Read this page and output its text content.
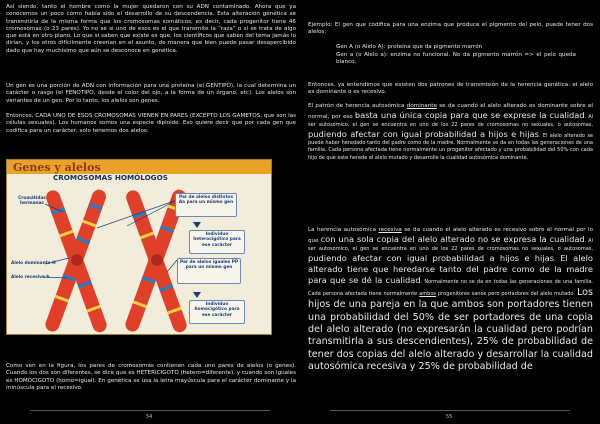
Así siendo, tanto el hombre como la mujer quedaron con su ADN contaminado. Ahora que ya conocemos un poco cómo había sido el desarrollo de su descendencia. Esta alteración genética se transmitiría de la misma forma que los cromosomas somáticos, es decir, cada progenitor tiene 46 cromosomas (o 23 pares). Yo no sé si uno de esos es el que transmite la “raza” o si se trata de algo que está en otro plano. Lo que si saben que existe es que, los científicos que saben del tema jamás lo dirían, y los otros difícilmente creerían en el asunto, de manera que bien puede pasar desapercibido dado que hay muchísimo que aún se desconoce en genética.

Un gen es una porción de ADN con información para una proteína (el GENTIPO), la cual determina un carácter o rasgo (el FENOTIPO, desde el color del ojo, a la forma de un órgano, etc). Los alelos son variantes de un gen. Por lo tanto, los alelos son genes.

Entonces, CADA UNO DE ESOS CROMOSOMAS VIENEN EN PARES (EXCEPTO LOS GAMETOS, que son las células sexuales). Los humanos somos una especie diploide. Eso quiere decir que por cada gen que codifica para un carácter, solo tenemos dos alelos:

Genes y alelos
CROMOSOMAS HOMÓLOGOS
Cromátidas hermanas
Par de alelos distintos Aa para un mismo gen
Individuo heterocigótico para ese carácter
Alelo dominante H
Alelo recesivo h
Par de alelos iguales PP para un mismo gen
Individuo homocigótico para ese carácter

Como ven en la figura, los pares de cromosomas contienen cada uno pares de alelos (o genes). Cuando los dos son diferentes, se dice que es HETERICIGOTO (hetero=diferente), y cuando son iguales es HOMOCIGOTO (homo=igual). En genética se usa la letra mayúscula para el carácter dominante y la minúscula para el recesivo.

54

Ejemplo: El gen que codifica para una enzima que produce el pigmento del pelo, puede tener dos alelos:

Gen A (o Alelo A): proteína que da pigmento marrón

Gen a (o Alelo a): enzima no funcional. No da pigmento marrón => el pelo queda blanco.

Entonces, ya entendimos que existen dos patrones de transmisión de la herencia genética: el alelo es dominante o es recesivo.

El patrón de herencia autosómica dominante se da cuando el alelo alterado es dominante sobre el normal, por eso basta una única copia para que se exprese la cualidad. Al ser autosómico, el gen se encuentra en uno de los 22 pares de cromosomas no sexuales, o autosomas, pudiendo afectar con igual probabilidad a hijos e hijas. El alelo alterado se puede haber heredado tanto del padre como de la madre. Normalmente se da en todas las generaciones de una familia. Cada persona afectada tiene normalmente un progenitor afectado y una probabilidad del 50% con cada hijo de que este herede el alelo mutado y desarrolle la cualidad autosómica dominante.

La herencia autosómica recesiva se da cuando el alelo alterado es recesivo sobre el normal por lo que con una sola copia del alelo alterado no se expresa la cualidad. Al ser autosómico, el gen se encuentra en uno de los 22 pares de cromosomas no sexuales, o autosomas, pudiendo afectar con igual probabilidad a hijos e hijas. El alelo alterado tiene que heredarse tanto del padre como de la madre para que se dé la cualidad. Normalmente no se da en todas las generaciones de una familia. Cada persona afectada tiene normalmente ambos progenitores sanos pero portadores del alelo mutado. Los hijos de una pareja en la que ambos son portadores tienen una probabilidad del 50% de ser portadores de una copia del alelo alterado (no expresarán la cualidad pero podrían transmitirla a sus descendientes), 25% de probabilidad de tener dos copias del alelo alterado y desarrollar la cualidad autosómica recesiva y 25% de probabilidad de

55
